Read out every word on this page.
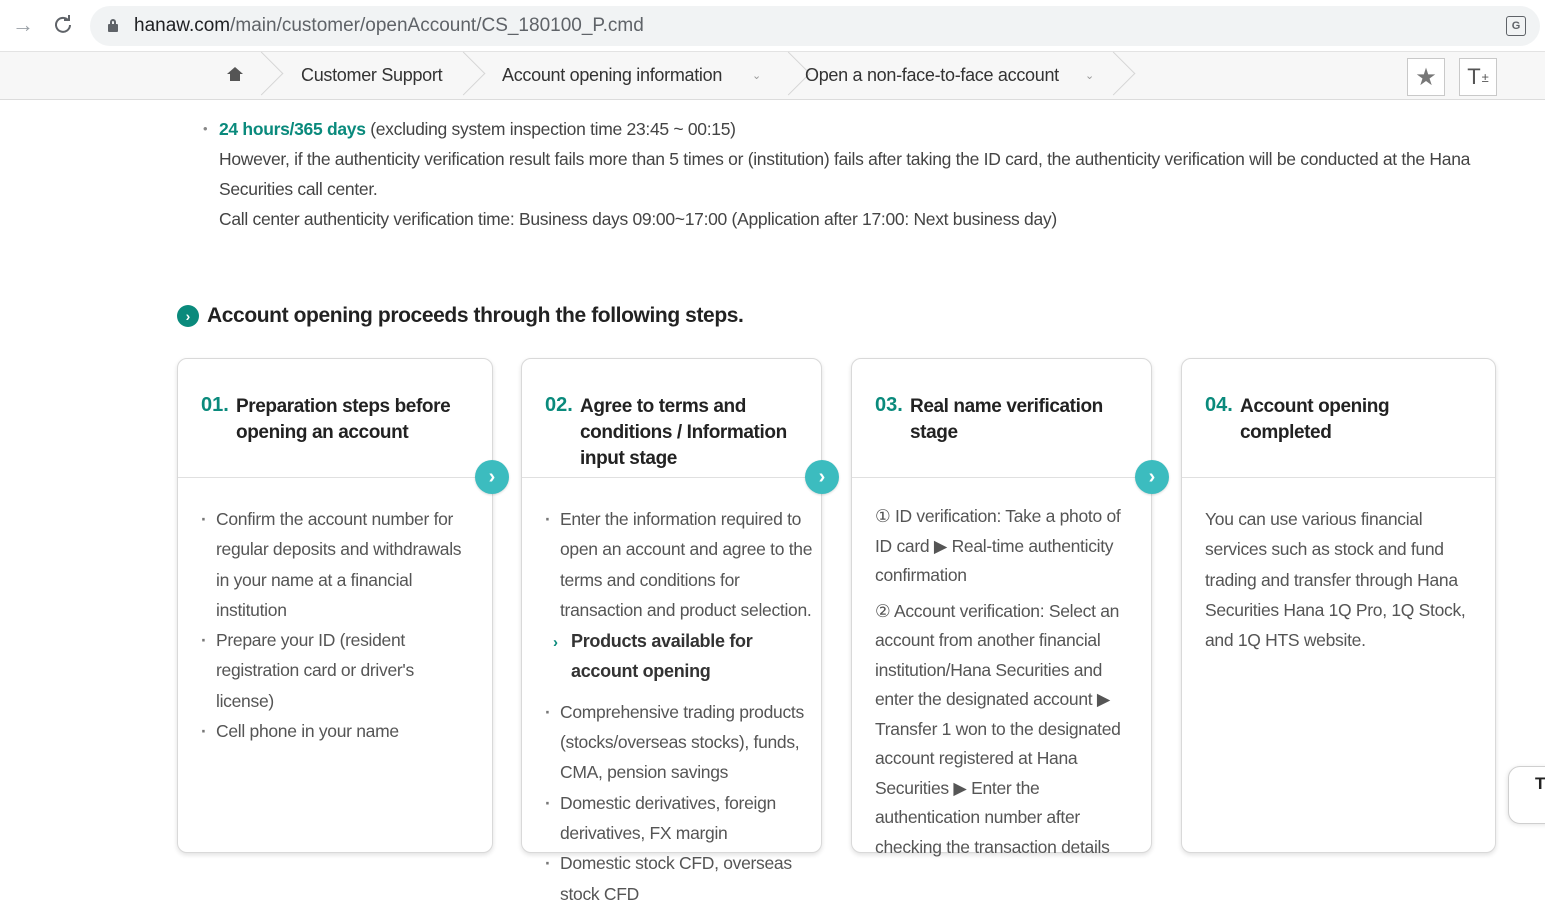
→	hanaw.com/main/customer/openAccount/CS_180100_P.cmd	G
Customer Support	Account opening information	⌄ Open a non-face-to-face account ⌄	★ T ±
• 24 hours/365 days (excluding system inspection time 23:45 ~ 00:15)
However, if the authenticity verification result fails more than 5 times or (institution) fails after taking the ID card, the authenticity verification will be conducted at the Hana Securities call center.
Call center authenticity verification time: Business days 09:00~17:00 (Application after 17:00: Next business day)
› Account opening proceeds through the following steps.
01. Preparation steps before opening an account
· Confirm the account number for regular deposits and withdrawals in your name at a financial institution
· Prepare your ID (resident registration card or driver's license)
· Cell phone in your name
›
02. Agree to terms and conditions / Information input stage
· Enter the information required to open an account and agree to the terms and conditions for transaction and product selection.
› Products available for account opening
· Comprehensive trading products (stocks/overseas stocks), funds, CMA, pension savings
· Domestic derivatives, foreign derivatives, FX margin
· Domestic stock CFD, overseas stock CFD
›
03. Real name verification stage
① ID verification: Take a photo of ID card ▶ Real-time authenticity confirmation
② Account verification: Select an account from another financial institution/Hana Securities and enter the designated account ▶ Transfer 1 won to the designated account registered at Hana Securities ▶ Enter the authentication number after checking the transaction details
›
04. Account opening completed
You can use various financial services such as stock and fund trading and transfer through Hana Securities Hana 1Q Pro, 1Q Stock, and 1Q HTS website.
T
